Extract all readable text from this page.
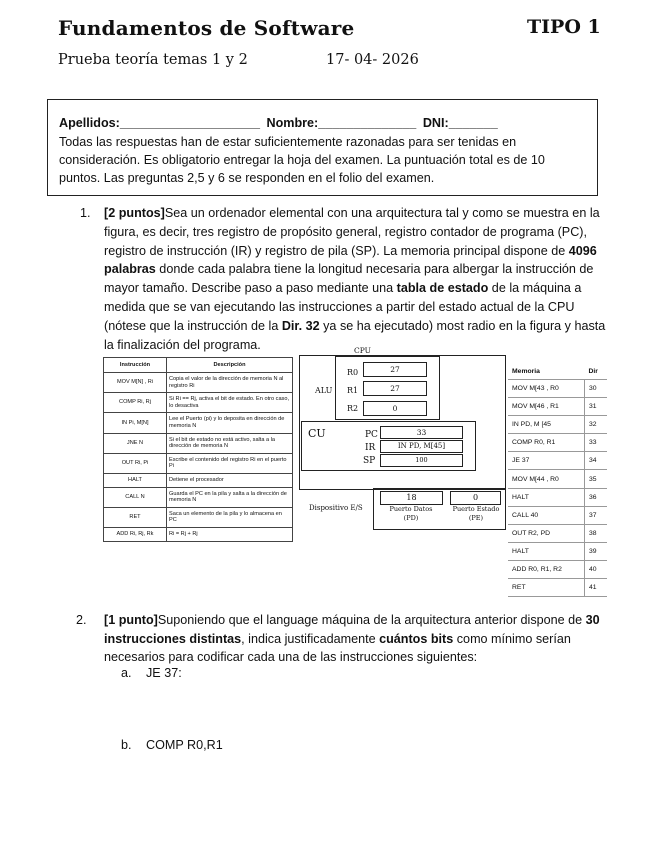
Fundamentos de Software	TIPO 1
Prueba teoría temas 1 y 2	17- 04- 2026
Apellidos:____________________ Nombre:______________ DNI:_______
Todas las respuestas han de estar suficientemente razonadas para ser tenidas en consideración. Es obligatorio entregar la hoja del examen. La puntuación total es de 10 puntos. Las preguntas 2,5 y 6 se responden en el folio del examen.
1. [2 puntos]Sea un ordenador elemental con una arquitectura tal y como se muestra en la figura, es decir, tres registro de propósito general, registro contador de programa (PC), registro de instrucción (IR) y registro de pila (SP). La memoria principal dispone de 4096 palabras donde cada palabra tiene la longitud necesaria para albergar la instrucción de mayor tamaño. Describe paso a paso mediante una tabla de estado de la máquina a medida que se van ejecutando las instrucciones a partir del estado actual de la CPU (nótese que la instrucción de la Dir. 32 ya se ha ejecutado) most radio en la figura y hasta la finalización del programa.
Instrucción	Descripción
MOV M[N] , Ri	Copia el valor de la dirección de memoria N al registro Ri
COMP Ri, Rj	Si Ri == Rj, activa el bit de estado. En otro caso, lo desactiva
IN Pi, M[N]	Lee el Puerto (pi) y lo deposita en dirección de memoria N
JNE N	Si el bit de estado no está activo, salta a la dirección de memoria N
OUT Ri, Pi	Escribe el contenido del registro Ri en el puerto Pi
HALT	Detiene el procesador
CALL N	Guarda el PC en la pila y salta a la dirección de memoria N
RET	Saca un elemento de la pila y lo almacena en PC
ADD Ri, Rj, Rk	Ri = Rj + Rj
CPU
ALU
R0	27
R1	27
R2	0
CU	PC	33
IR	IN PD, M[45]
SP	100
Dispositivo E/S
18
Puerto Datos (PD)
0
Puerto Estado (PE)
Memoria	Dir
MOV M[43 , R0	30
MOV M[46 , R1	31
IN PD, M [45	32
COMP R0, R1	33
JE 37	34
MOV M[44 , R0	35
HALT	36
CALL 40	37
OUT R2, PD	38
HALT	39
ADD R0, R1, R2	40
RET	41
2. [1 punto]Suponiendo que el language máquina de la arquitectura anterior dispone de 30 instrucciones distintas, indica justificadamente cuántos bits como mínimo serían necesarios para codificar cada una de las instrucciones siguientes:
a. JE 37:
b. COMP R0,R1
